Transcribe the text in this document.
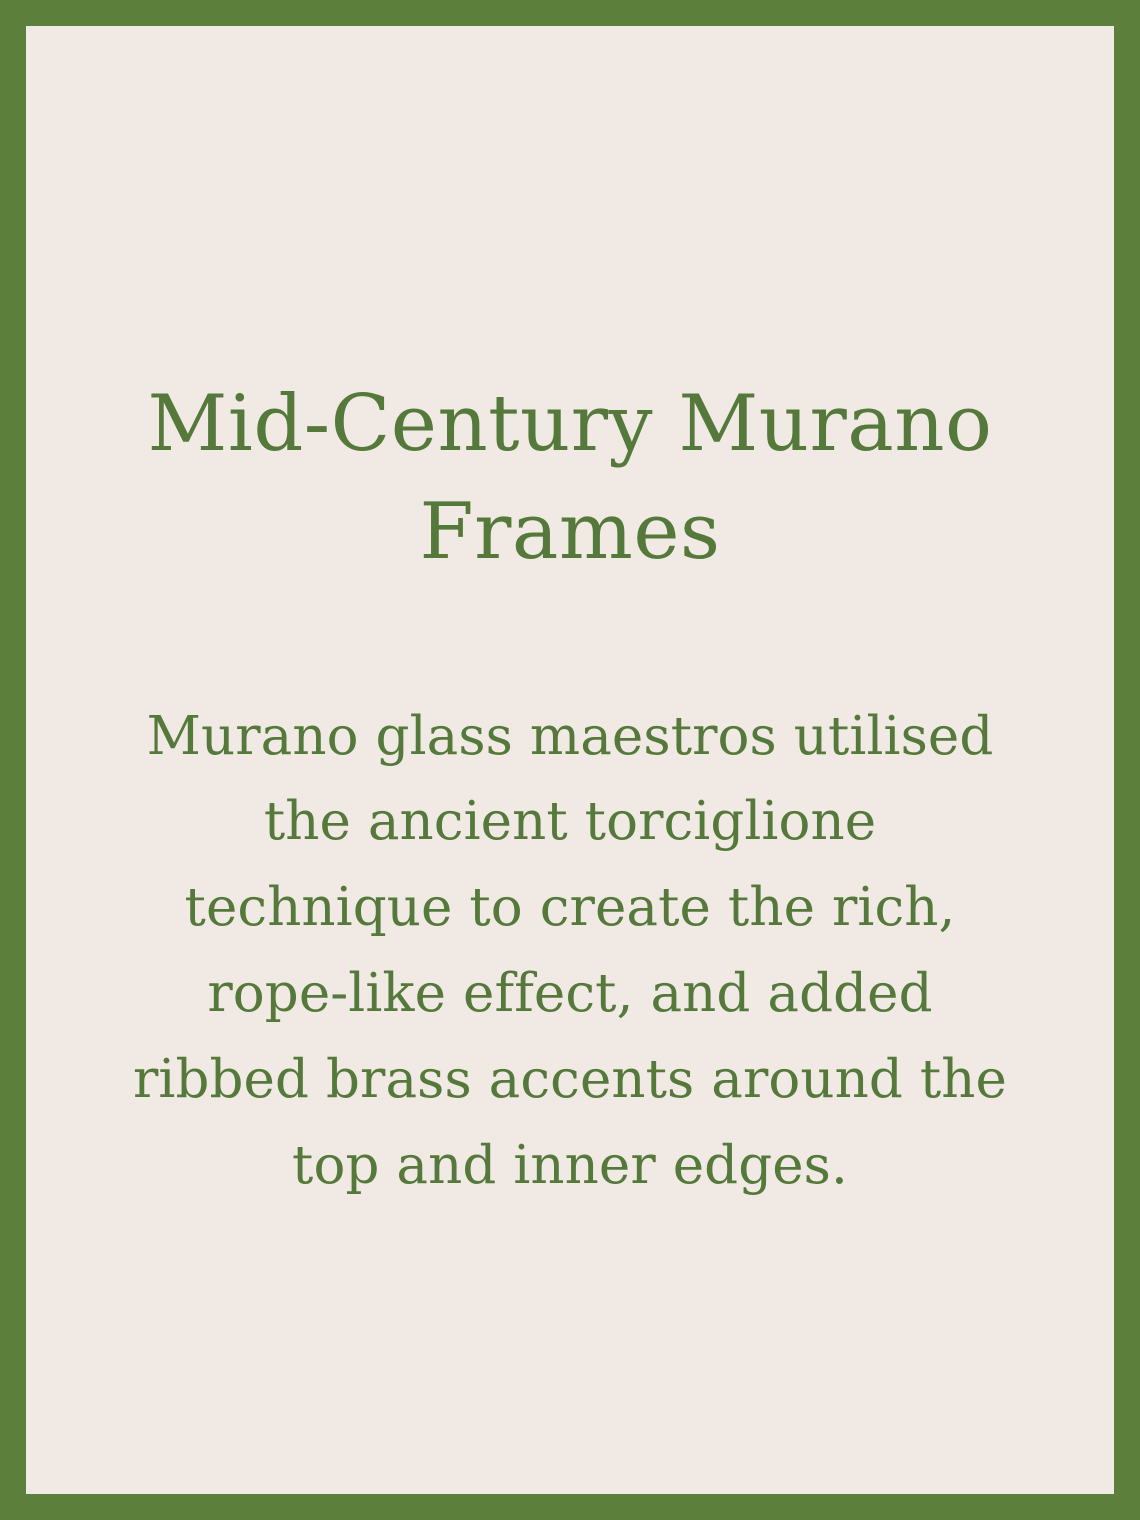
Mid-Century Murano Frames

Murano glass maestros utilised the ancient torciglione technique to create the rich, rope-like effect, and added ribbed brass accents around the top and inner edges.
